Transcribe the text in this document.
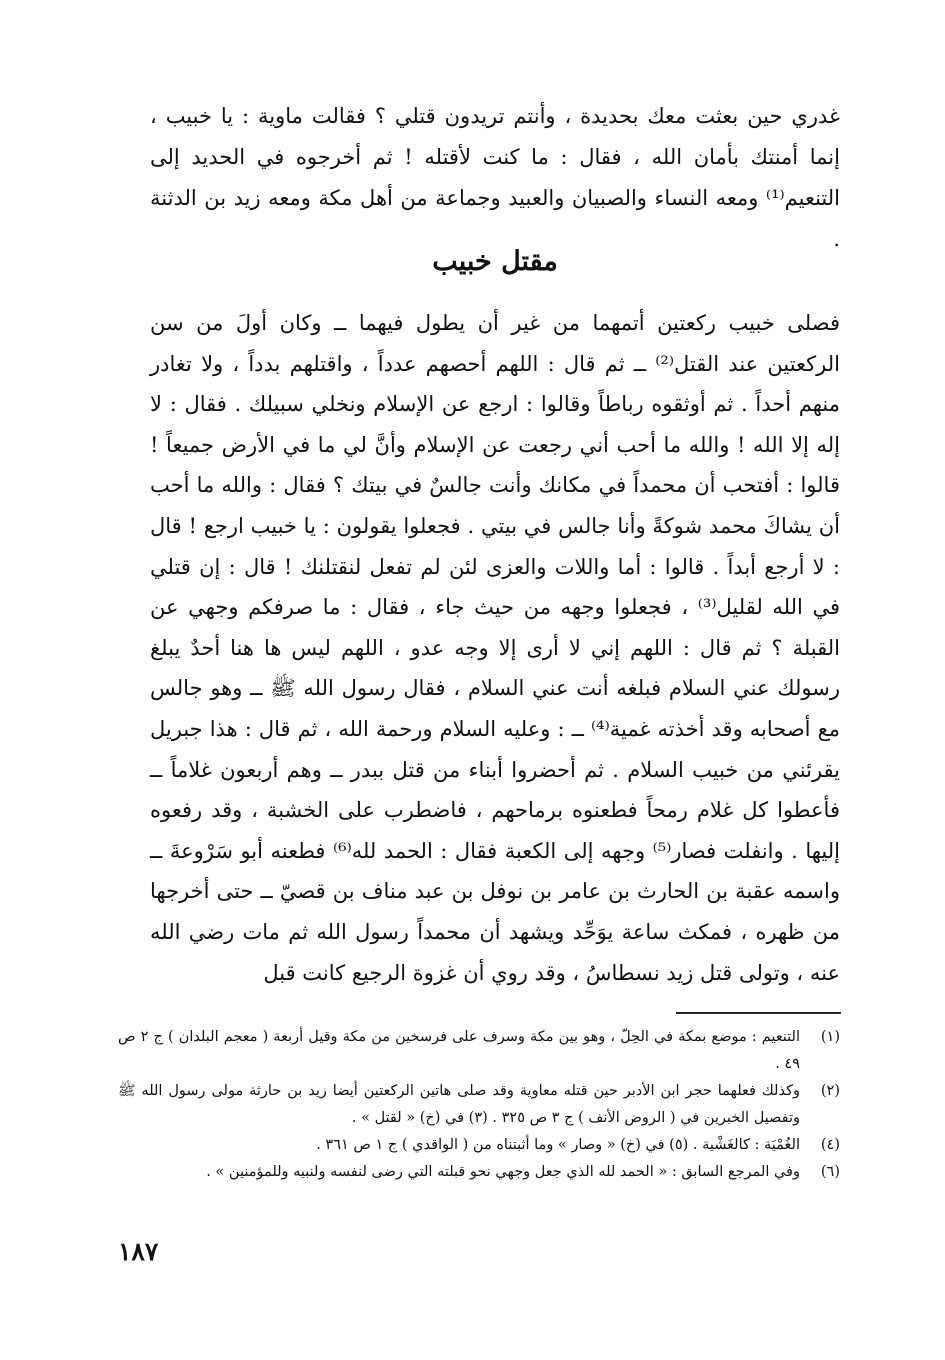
غدري حين بعثت معك بحديدة ، وأنتم تريدون قتلي ؟ فقالت ماوية : يا خبيب ، إنما أمنتك بأمان الله ، فقال : ما كنت لأقتله ! ثم أخرجوه في الحديد إلى التنعيم⁽¹⁾ ومعه النساء والصبيان والعبيد وجماعة من أهل مكة ومعه زيد بن الدثنة .
مقتل خبيب
فصلى خبيب ركعتين أتمهما من غير أن يطول فيهما ــ وكان أولَ من سن الركعتين عند القتل⁽²⁾ ــ ثم قال : اللهم أحصهم عدداً ، واقتلهم بدداً ، ولا تغادر منهم أحداً . ثم أوثقوه رباطاً وقالوا : ارجع عن الإسلام ونخلي سبيلك . فقال : لا إله إلا الله ! والله ما أحب أني رجعت عن الإسلام وأنَّ لي ما في الأرض جميعاً ! قالوا : أفتحب أن محمداً في مكانك وأنت جالسٌ في بيتك ؟ فقال : والله ما أحب أن يشاكَ محمد شوكةً وأنا جالس في بيتي . فجعلوا يقولون : يا خبيب ارجع ! قال : لا أرجع أبداً . قالوا : أما واللات والعزى لئن لم تفعل لنقتلنك ! قال : إن قتلي في الله لقليل⁽³⁾ ، فجعلوا وجهه من حيث جاء ، فقال : ما صرفكم وجهي عن القبلة ؟ ثم قال : اللهم إني لا أرى إلا وجه عدو ، اللهم ليس ها هنا أحدٌ يبلغ رسولك عني السلام فبلغه أنت عني السلام ، فقال رسول الله ﷺ ــ وهو جالس مع أصحابه وقد أخذته غمية⁽⁴⁾ ــ : وعليه السلام ورحمة الله ، ثم قال : هذا جبريل يقرئني من خبيب السلام . ثم أحضروا أبناء من قتل ببدر ــ وهم أربعون غلاماً ــ فأعطوا كل غلام رمحاً فطعنوه برماحهم ، فاضطرب على الخشبة ، وقد رفعوه إليها . وانفلت فصار⁽⁵⁾ وجهه إلى الكعبة فقال : الحمد لله⁽⁶⁾ فطعنه أبو سَرْوعةَ ــ واسمه عقبة بن الحارث بن عامر بن نوفل بن عبد مناف بن قصيّ ــ حتى أخرجها من ظهره ، فمكث ساعة يوَحِّد ويشهد أن محمداً رسول الله ثم مات رضي الله عنه ، وتولى قتل زيد نسطاسُ ، وقد روي أن غزوة الرجيع كانت قبل
(١)
التنعيم : موضع بمكة في الحِلّ ، وهو بين مكة وسرف على فرسخين من مكة وقيل أربعة ( معجم البلدان ) ج ٢ ص ٤٩ .
(٢)
وكذلك فعلهما حجر ابن الأدبر حين قتله معاوية وقد صلى هاتين الركعتين أيضا زيد بن حارثة مولى رسول الله ﷺ وتفصيل الخبرين في ( الروض الأنف ) ج ٣ ص ٣٢٥ . (٣) في (خ) « لقتل » .
(٤)
الغُمْيَة : كالغَشْية . (٥) في (خ) « وصار » وما أثبتناه من ( الواقدي ) ج ١ ص ٣٦١ .
(٦)
وفي المرجع السابق : « الحمد لله الذي جعل وجهي نحو قبلته التي رضى لنفسه ولنبيه وللمؤمنين » .
١٨٧
